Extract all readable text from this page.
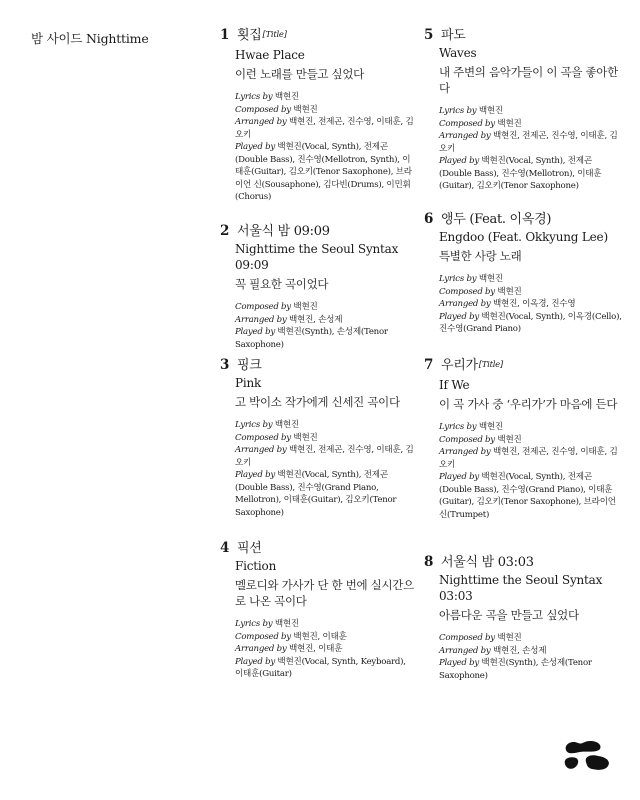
밤 사이드 Nighttime	1 횟집[Title]
Hwae Place
이런 노래를 만들고 싶었다
Lyrics by 백현진
Composed by 백현진
Arranged by 백현진, 전제곤, 진수영, 이태훈, 김오키
Played by 백현진(Vocal, Synth), 전제곤(Double Bass), 진수영(Mellotron, Synth), 이태훈(Guitar), 김오키(Tenor Saxophone), 브라이언 신(Sousaphone), 김다빈(Drums), 이민휘(Chorus)
2 서울식 밤 09:09
Nighttime the Seoul Syntax 09:09
꼭 필요한 곡이었다
Composed by 백현진
Arranged by 백현진, 손성제
Played by 백현진(Synth), 손성제(Tenor Saxophone)
3 핑크
Pink
고 박이소 작가에게 신세진 곡이다
Lyrics by 백현진
Composed by 백현진
Arranged by 백현진, 전제곤, 진수영, 이태훈, 김오키
Played by 백현진(Vocal, Synth), 전제곤(Double Bass), 진수영(Grand Piano, Mellotron), 이태훈(Guitar), 김오키(Tenor Saxophone)
4 픽션
Fiction
멜로디와 가사가 단 한 번에 실시간으로 나온 곡이다
Lyrics by 백현진
Composed by 백현진, 이태훈
Arranged by 백현진, 이태훈
Played by 백현진(Vocal, Synth, Keyboard), 이태훈(Guitar)
5 파도
Waves
내 주변의 음악가들이 이 곡을 좋아한다
Lyrics by 백현진
Composed by 백현진
Arranged by 백현진, 전제곤, 진수영, 이태훈, 김오키
Played by 백현진(Vocal, Synth), 전제곤(Double Bass), 진수영(Mellotron), 이태훈(Guitar), 김오키(Tenor Saxophone)
6 앵두 (Feat. 이옥경)
Engdoo (Feat. Okkyung Lee)
특별한 사랑 노래
Lyrics by 백현진
Composed by 백현진
Arranged by 백현진, 이옥경, 진수영
Played by 백현진(Vocal, Synth), 이옥경(Cello), 진수영(Grand Piano)
7 우리가[Title]
If We
이 곡 가사 중 ‘우리가’가 마음에 든다
Lyrics by 백현진
Composed by 백현진
Arranged by 백현진, 전제곤, 진수영, 이태훈, 김오키
Played by 백현진(Vocal, Synth), 전제곤(Double Bass), 진수영(Grand Piano), 이태훈(Guitar), 김오키(Tenor Saxophone), 브라이언 신(Trumpet)
8 서울식 밤 03:03
Nighttime the Seoul Syntax 03:03
아름다운 곡을 만들고 싶었다
Composed by 백현진
Arranged by 백현진, 손성제
Played by 백현진(Synth), 손성제(Tenor Saxophone)
